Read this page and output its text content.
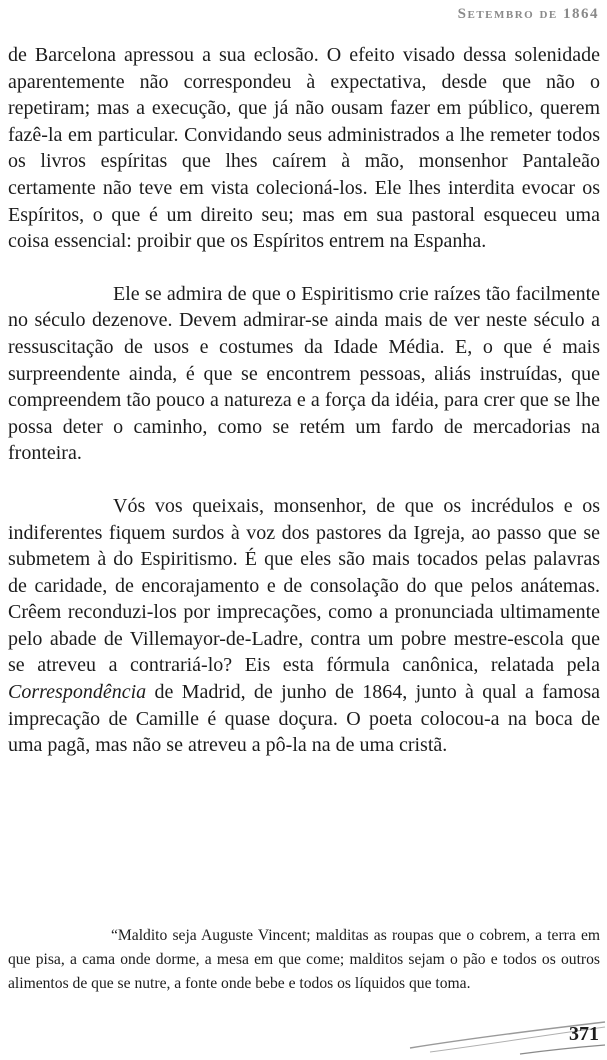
Setembro de 1864

de Barcelona apressou a sua eclosão. O efeito visado dessa solenidade aparentemente não correspondeu à expectativa, desde que não o repetiram; mas a execução, que já não ousam fazer em público, querem fazê-la em particular. Convidando seus administrados a lhe remeter todos os livros espíritas que lhes caírem à mão, monsenhor Pantaleão certamente não teve em vista colecioná-los. Ele lhes interdita evocar os Espíritos, o que é um direito seu; mas em sua pastoral esqueceu uma coisa essencial: proibir que os Espíritos entrem na Espanha.

Ele se admira de que o Espiritismo crie raízes tão facilmente no século dezenove. Devem admirar-se ainda mais de ver neste século a ressuscitação de usos e costumes da Idade Média. E, o que é mais surpreendente ainda, é que se encontrem pessoas, aliás instruídas, que compreendem tão pouco a natureza e a força da idéia, para crer que se lhe possa deter o caminho, como se retém um fardo de mercadorias na fronteira.

Vós vos queixais, monsenhor, de que os incrédulos e os indiferentes fiquem surdos à voz dos pastores da Igreja, ao passo que se submetem à do Espiritismo. É que eles são mais tocados pelas palavras de caridade, de encorajamento e de consolação do que pelos anátemas. Crêem reconduzi-los por imprecações, como a pronunciada ultimamente pelo abade de Villemayor-de-Ladre, contra um pobre mestre-escola que se atreveu a contrariá-lo? Eis esta fórmula canônica, relatada pela Correspondência de Madrid, de junho de 1864, junto à qual a famosa imprecação de Camille é quase doçura. O poeta colocou-a na boca de uma pagã, mas não se atreveu a pô-la na de uma cristã.

“Maldito seja Auguste Vincent; malditas as roupas que o cobrem, a terra em que pisa, a cama onde dorme, a mesa em que come; malditos sejam o pão e todos os outros alimentos de que se nutre, a fonte onde bebe e todos os líquidos que toma.

371
